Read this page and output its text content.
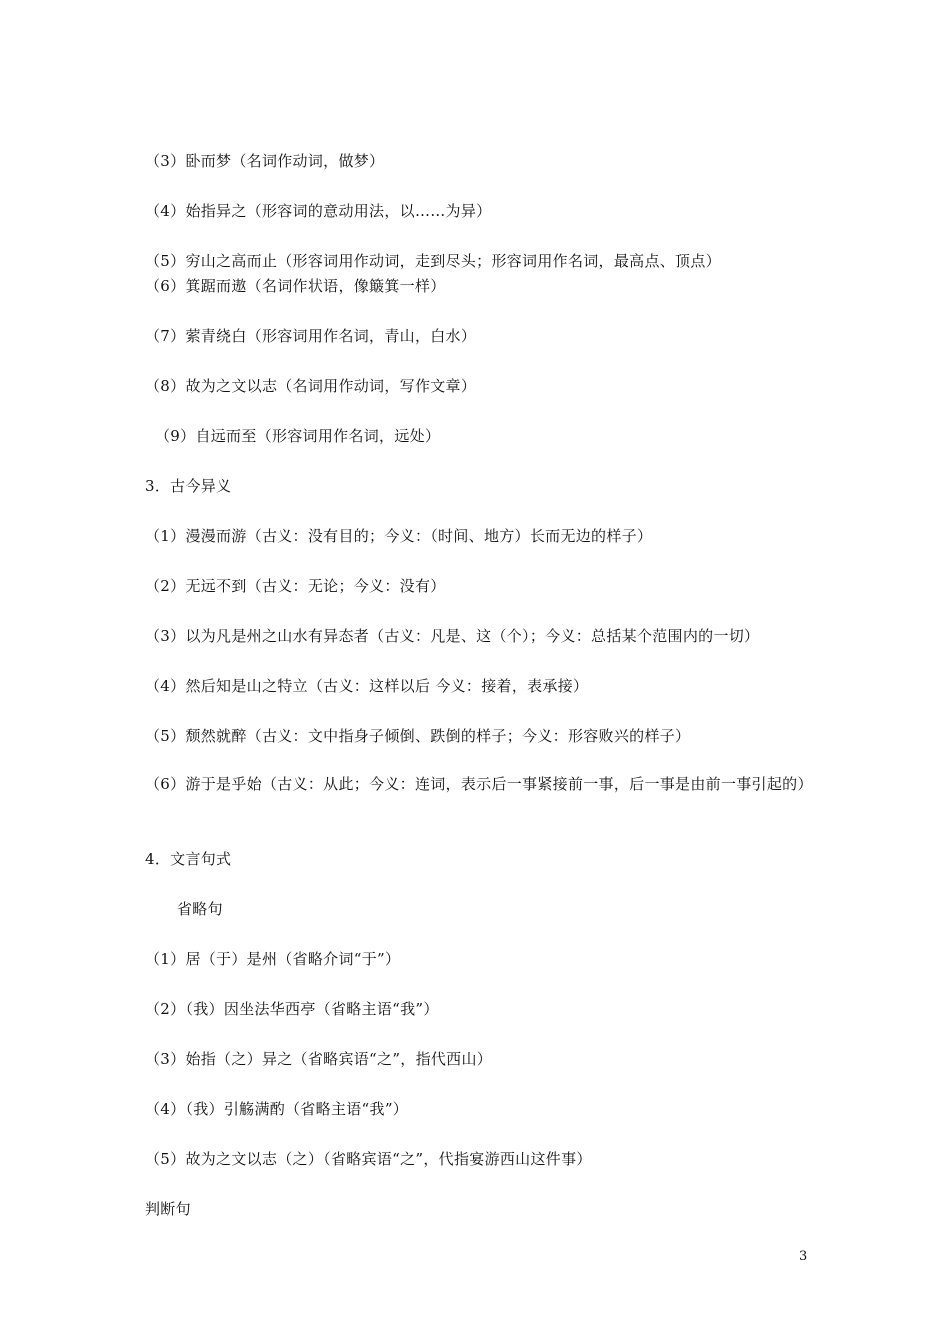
（3）卧而梦（名词作动词，做梦）
（4）始指异之（形容词的意动用法，以……为异）
（5）穷山之高而止（形容词用作动词，走到尽头；形容词用作名词，最高点、顶点）
（6）箕踞而遨（名词作状语，像簸箕一样）
（7）萦青绕白（形容词用作名词，青山，白水）
（8）故为之文以志（名词用作动词，写作文章）
（9）自远而至（形容词用作名词，远处）
3．古今异义
（1）漫漫而游（古义：没有目的；今义：（时间、地方）长而无边的样子）
（2）无远不到（古义：无论；今义：没有）
（3）以为凡是州之山水有异态者（古义：凡是、这（个）；今义：总括某个范围内的一切）
（4）然后知是山之特立（古义：这样以后 今义：接着，表承接）
（5）颓然就醉（古义：文中指身子倾倒、跌倒的样子；今义：形容败兴的样子）
（6）游于是乎始（古义：从此；今义：连词，表示后一事紧接前一事，后一事是由前一事引起的）
4．文言句式
省略句
（1）居（于）是州（省略介词“于”）
（2）（我）因坐法华西亭（省略主语“我”）
（3）始指（之）异之（省略宾语“之”，指代西山）
（4）（我）引觞满酌（省略主语“我”）
（5）故为之文以志（之）（省略宾语“之”，代指宴游西山这件事）
判断句
3
